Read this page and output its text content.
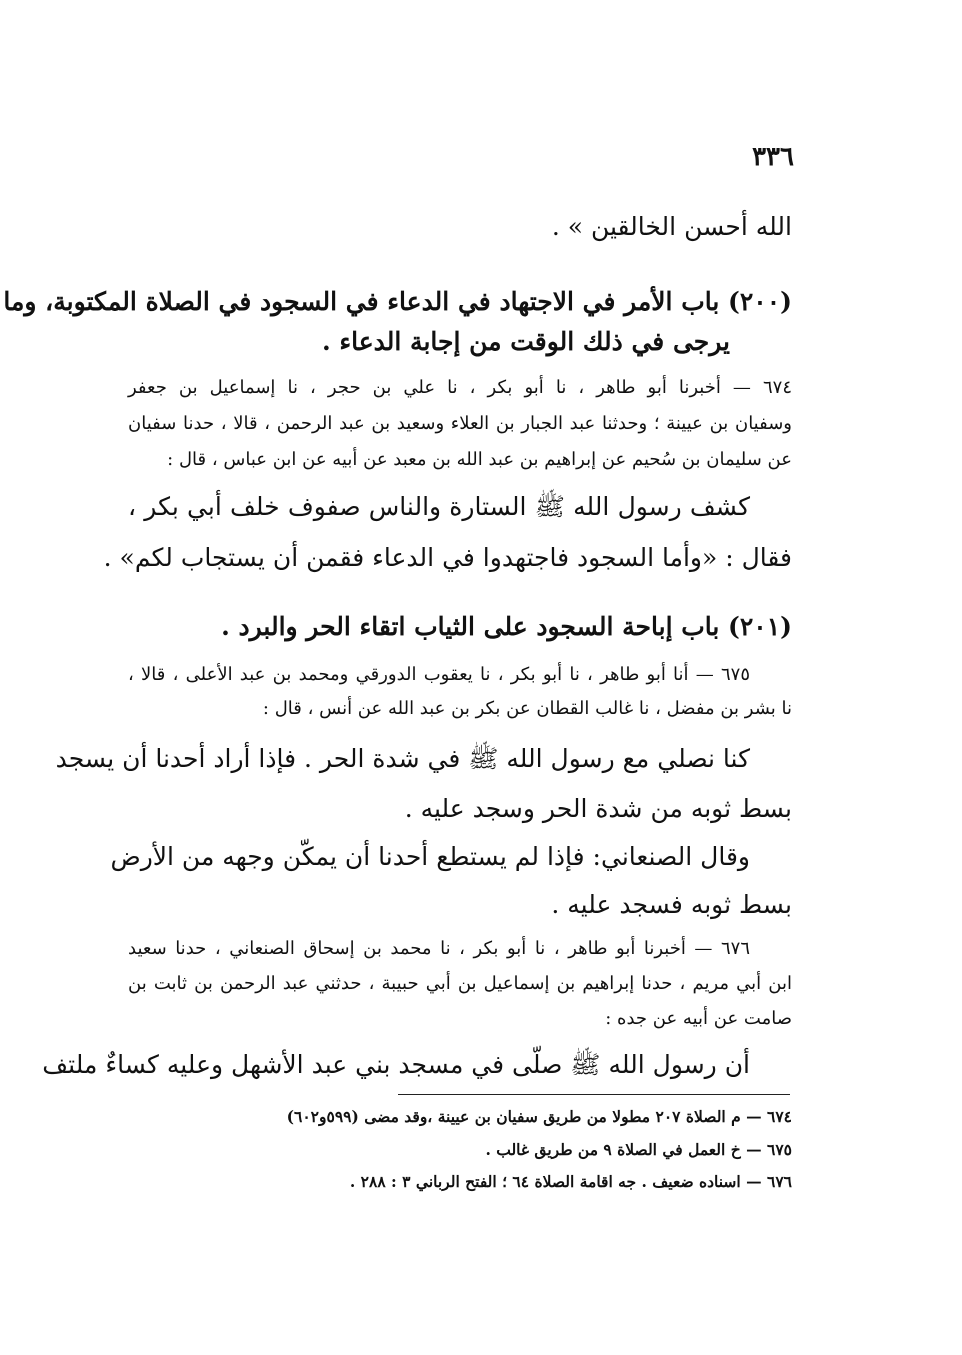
٣٣٦
الله أحسن الخالقين » .
(٢٠٠) باب الأمر في الاجتهاد في الدعاء في السجود في الصلاة المكتوبة، وما
يرجى في ذلك الوقت من إجابة الدعاء .
٦٧٤ — أخبرنا أبو طاهر ، نا أبو بكر ، نا علي بن حجر ، نا إسماعيل بن جعفر
وسفيان بن عيينة ؛ وحدثنا عبد الجبار بن العلاء وسعيد بن عبد الرحمن ، قالا ، حدنا سفيان
عن سليمان بن سُحيم عن إبراهيم بن عبد الله بن معبد عن أبيه عن ابن عباس ، قال :
كشف رسول الله ﷺ الستارة والناس صفوف خلف أبي بكر ،
فقال : «وأما السجود فاجتهدوا في الدعاء فقمن أن يستجاب لكم» .
(٢٠١) باب إباحة السجود على الثياب اتقاء الحر والبرد .
٦٧٥ — أنا أبو طاهر ، نا أبو بكر ، نا يعقوب الدورقي ومحمد بن عبد الأعلى ، قالا ،
نا بشر بن مفضل ، نا غالب القطان عن بكر بن عبد الله عن أنس ، قال :
كنا نصلي مع رسول الله ﷺ في شدة الحر . فإذا أراد أحدنا أن يسجد
بسط ثوبه من شدة الحر وسجد عليه .
وقال الصنعاني: فإذا لم يستطع أحدنا أن يمكّن وجهه من الأرض
بسط ثوبه فسجد عليه .
٦٧٦ — أخبرنا أبو طاهر ، نا أبو بكر ، نا محمد بن إسحاق الصنعاني ، حدنا سعيد
ابن أبي مريم ، حدنا إبراهيم بن إسماعيل بن أبي حبيبة ، حدثني عبد الرحمن بن ثابت بن
صامت عن أبيه عن جده :
أن رسول الله ﷺ صلّى في مسجد بني عبد الأشهل وعليه كساءٌ ملتف
٦٧٤ — م الصلاة ٢٠٧ مطولا من طريق سفيان بن عيينة ،وقد مضى (٥٩٩و٦٠٢)
٦٧٥ — خ العمل في الصلاة ٩ من طريق غالب .
٦٧٦ — اسناده ضعيف . جه اقامة الصلاة ٦٤ ؛ الفتح الرباني ٣ : ٢٨٨ .
